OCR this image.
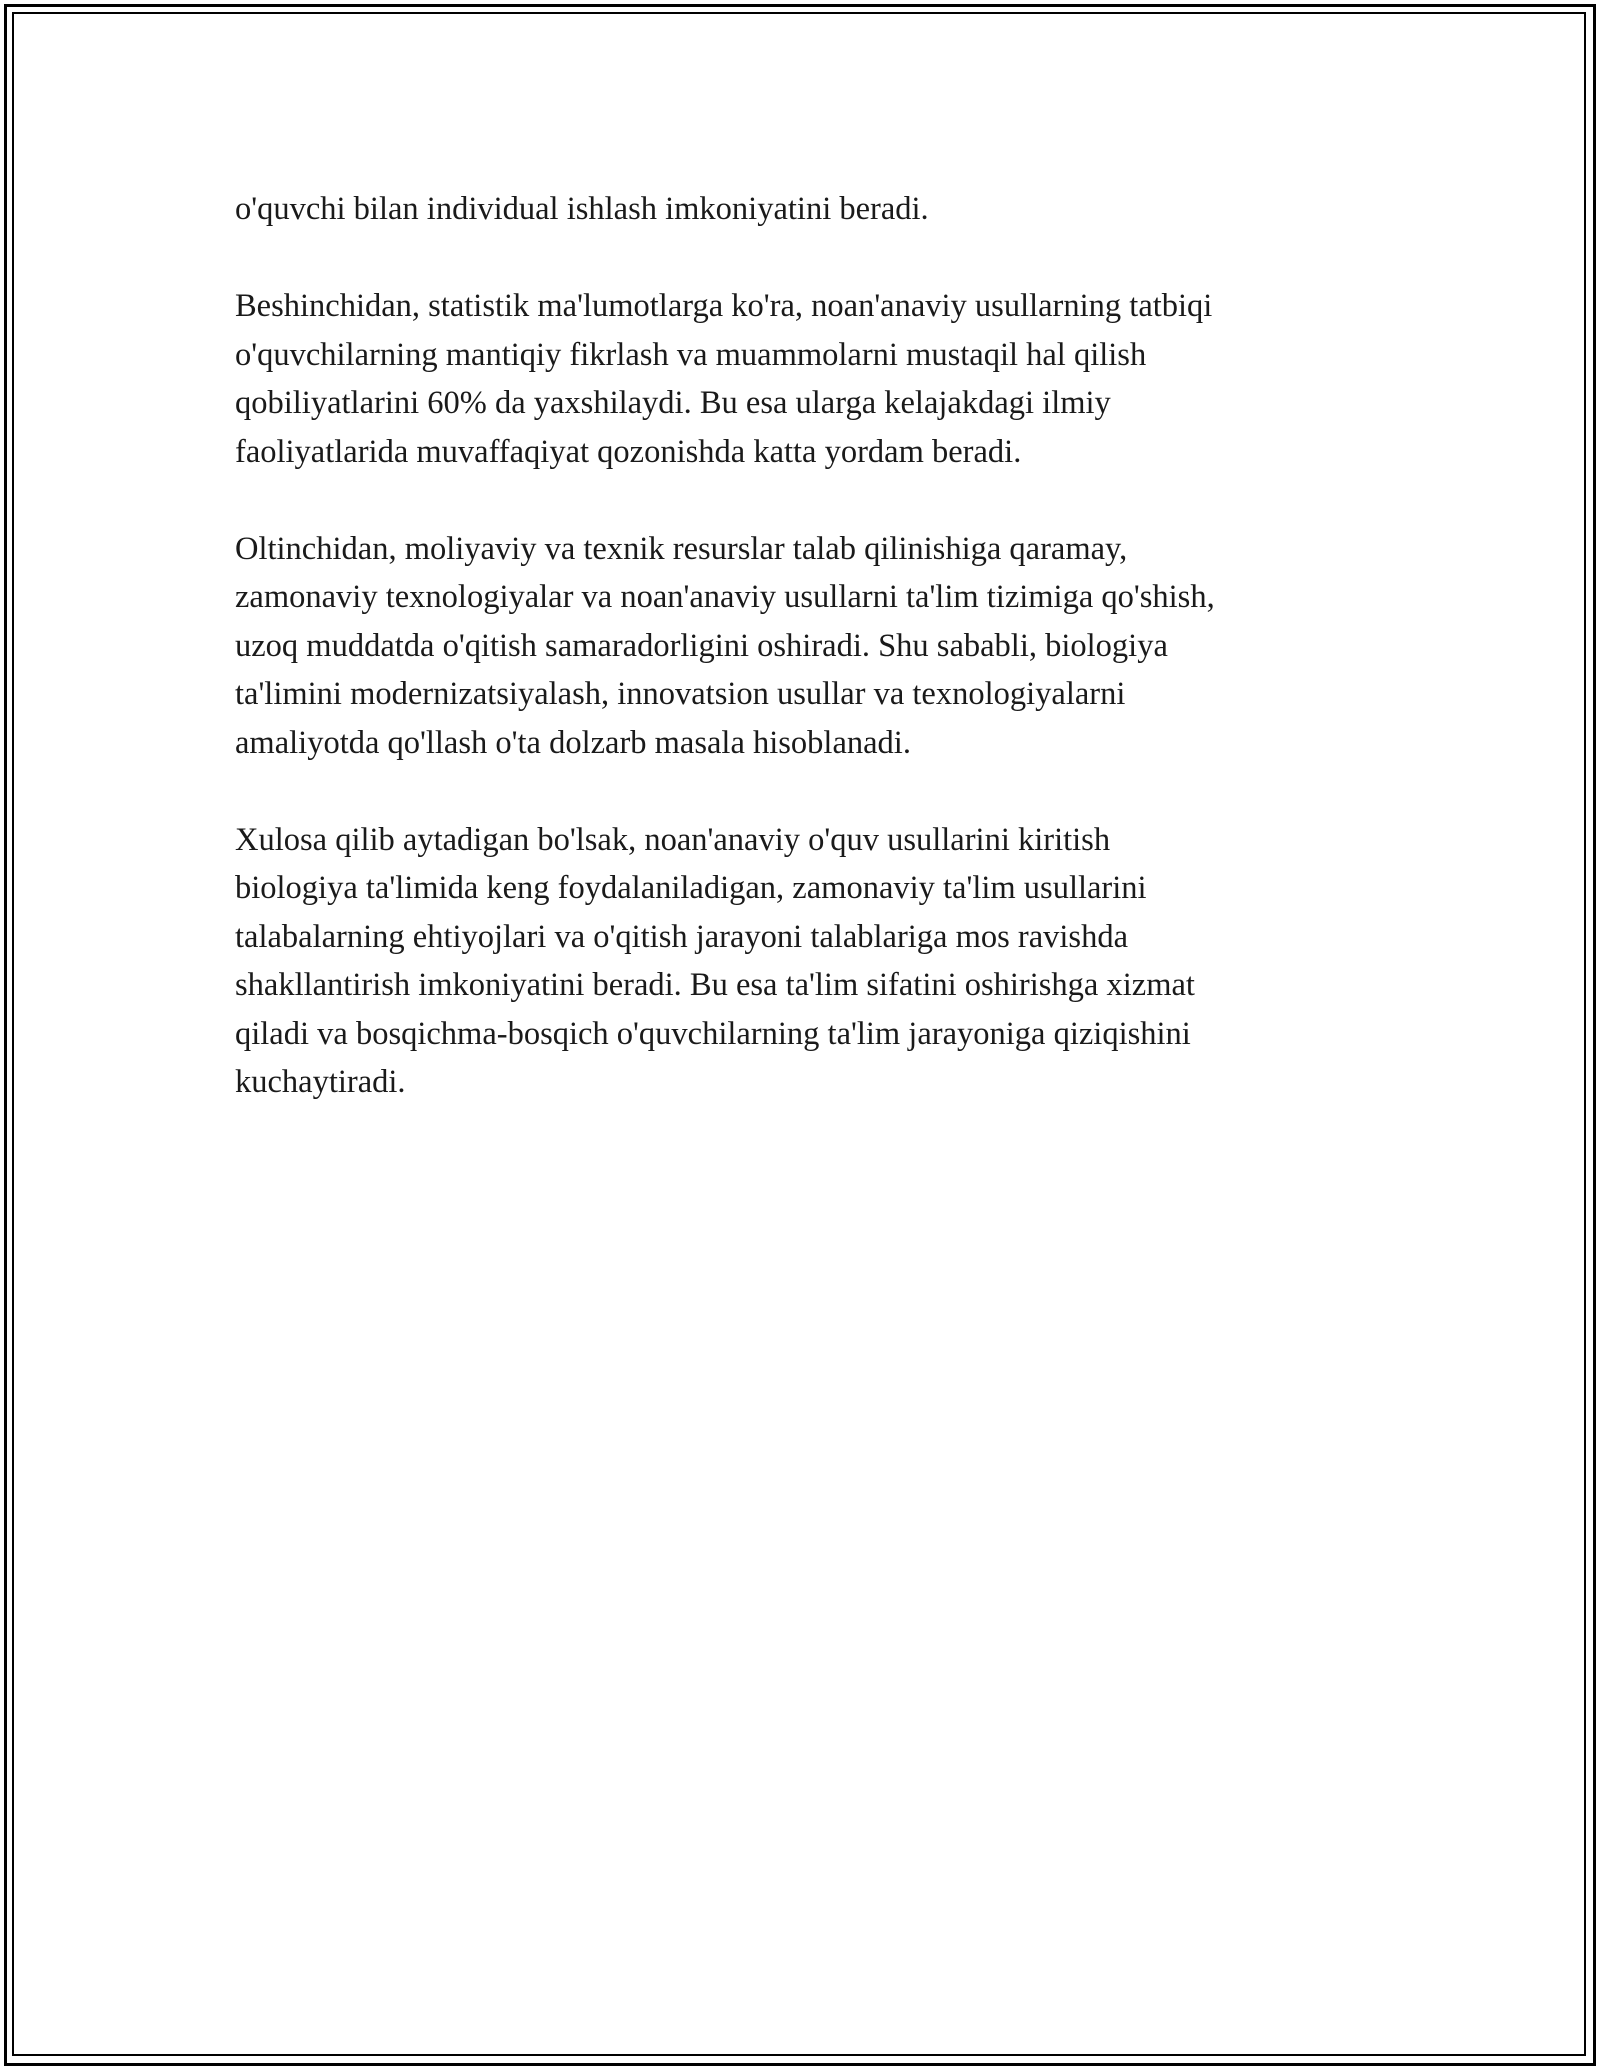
o'quvchi bilan individual ishlash imkoniyatini beradi.

Beshinchidan, statistik ma'lumotlarga ko'ra, noan'anaviy usullarning tatbiqi
o'quvchilarning mantiqiy fikrlash va muammolarni mustaqil hal qilish
qobiliyatlarini 60% da yaxshilaydi. Bu esa ularga kelajakdagi ilmiy
faoliyatlarida muvaffaqiyat qozonishda katta yordam beradi.

Oltinchidan, moliyaviy va texnik resurslar talab qilinishiga qaramay,
zamonaviy texnologiyalar va noan'anaviy usullarni ta'lim tizimiga qo'shish,
uzoq muddatda o'qitish samaradorligini oshiradi. Shu sababli, biologiya
ta'limini modernizatsiyalash, innovatsion usullar va texnologiyalarni
amaliyotda qo'llash o'ta dolzarb masala hisoblanadi.

Xulosa qilib aytadigan bo'lsak, noan'anaviy o'quv usullarini kiritish
biologiya ta'limida keng foydalaniladigan, zamonaviy ta'lim usullarini
talabalarning ehtiyojlari va o'qitish jarayoni talablariga mos ravishda
shakllantirish imkoniyatini beradi. Bu esa ta'lim sifatini oshirishga xizmat
qiladi va bosqichma-bosqich o'quvchilarning ta'lim jarayoniga qiziqishini
kuchaytiradi.
